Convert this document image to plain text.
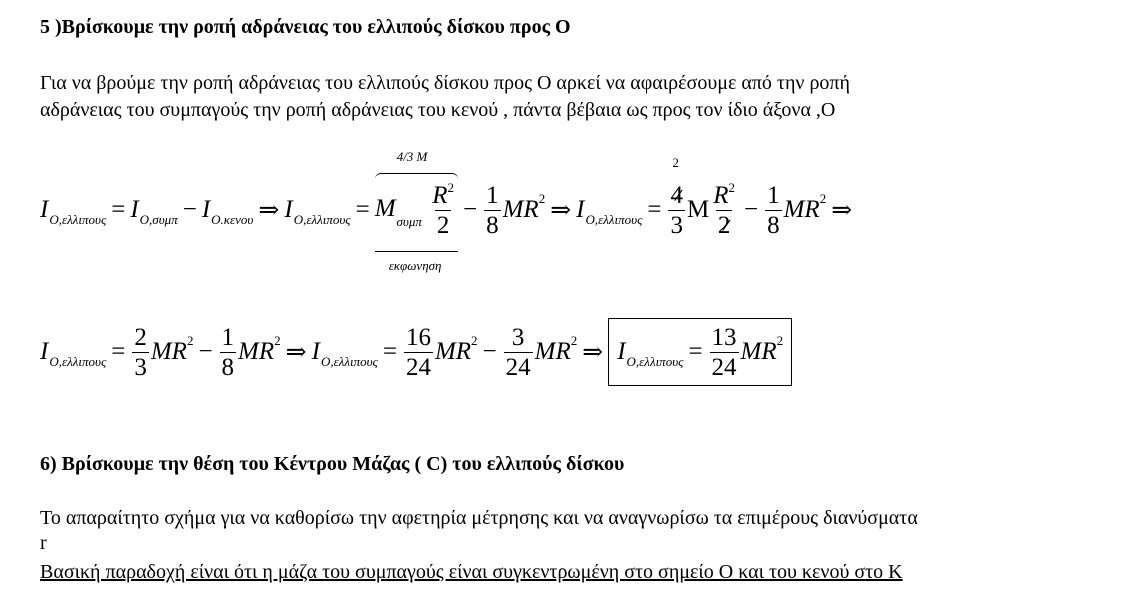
5 )Βρίσκουμε την ροπή αδράνειας του ελλιπούς δίσκου προς Ο
Για να βρούμε την ροπή αδράνειας του ελλιπούς δίσκου προς Ο αρκεί να αφαιρέσουμε από την ροπή
αδράνειας του συμπαγούς την ροπή αδράνειας του κενού , πάντα βέβαια ως προς τον ίδιο άξονα ,Ο
I O,ελλιπους = I O,συμπ − I O.κενου ⇒ I O,ελλιπους =
4/3 M
$M_{\sigma\upsilon\mu\pi} \frac{R^2}{2}$
εκφωνηση
− $\frac{1}{8}$ MR 2 ⇒ I O,ελλιπους =
2
$\frac{4}{3}$ M $\frac{R^2}{2} - \frac{1}{8}$ MR 2 ⇒
I $O,\varepsilon\lambda\lambda\iota\pi o\upsilon\varsigma = \frac{2}{3}$ MR $2 - \frac{1}{8}$ MR 2 ⇒ I $O,\varepsilon\lambda\lambda\iota\pi o\upsilon\varsigma = \frac{16}{24}$ MR $2 - \frac{3}{24}$ MR 2 ⇒ I $O,\varepsilon\lambda\lambda\iota\pi o\upsilon\varsigma = \frac{13}{24}$ MR 2
6) Βρίσκουμε την θέση του Κέντρου Μάζας ( C) του ελλιπούς δίσκου
Το απαραίτητο σχήμα για να καθορίσω την αφετηρία μέτρησης και να αναγνωρίσω τα επιμέρους διανύσματα
r
Βασική παραδοχή είναι ότι η μάζα του συμπαγούς είναι συγκεντρωμένη στο σημείο Ο και του κενού στο Κ
